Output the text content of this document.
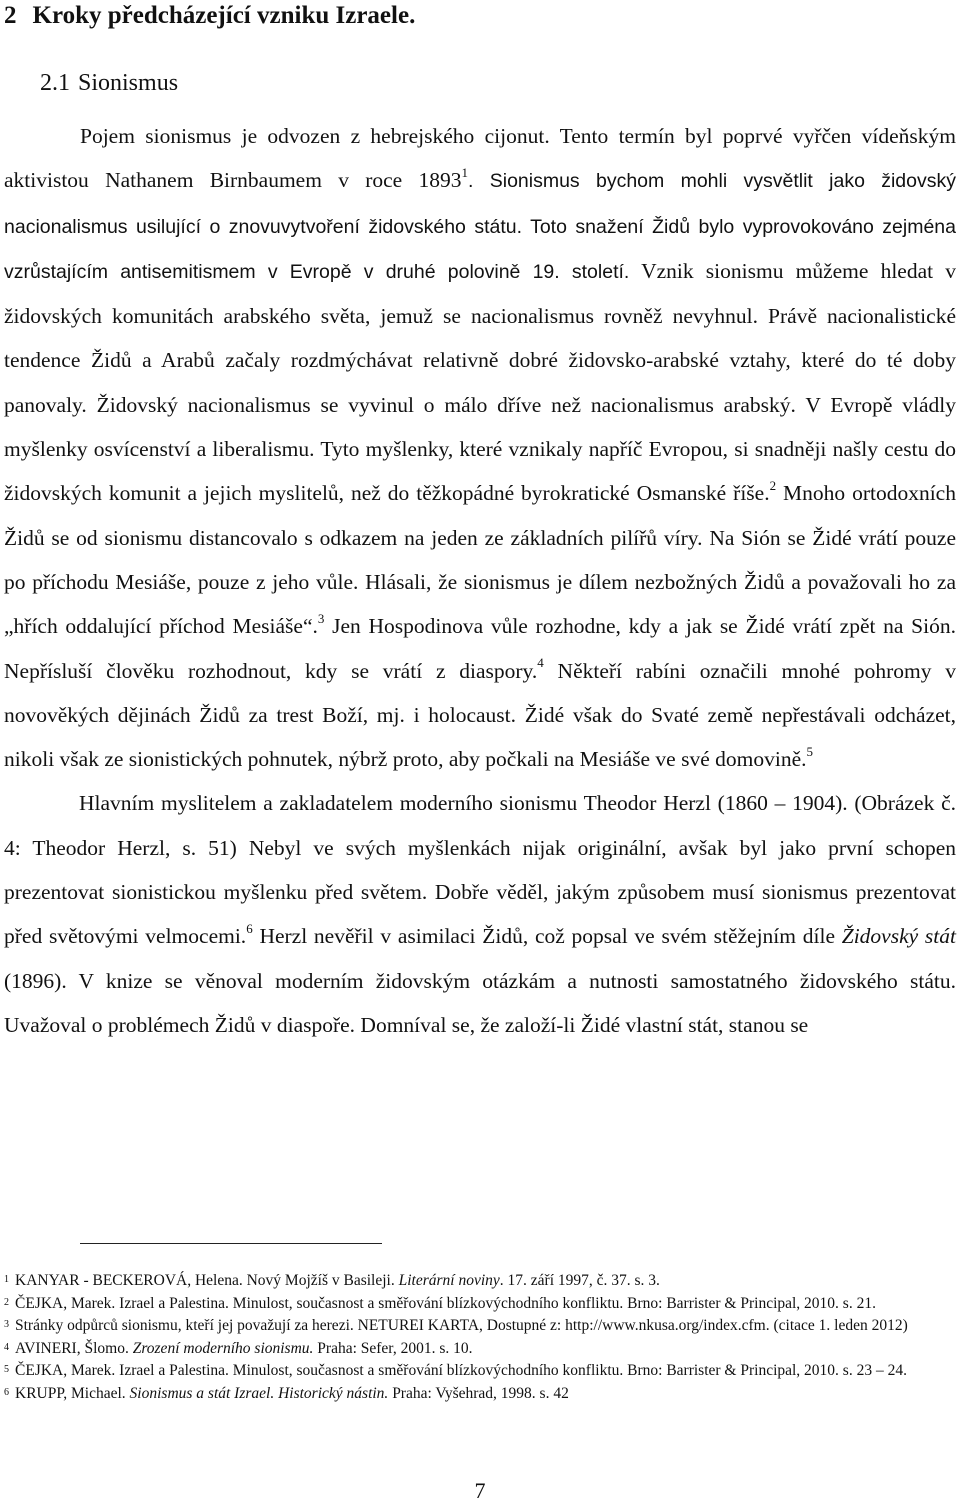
2 Kroky předcházející vzniku Izraele.
2.1 Sionismus

Pojem sionismus je odvozen z hebrejského cijonut. Tento termín byl poprvé vyřčen vídeňským aktivistou Nathanem Birnbaumem v roce 1893$^1$. Sionismus bychom mohli vysvětlit jako židovský nacionalismus usilující o znovuvytvoření židovského státu. Toto snažení Židů bylo vyprovokováno zejména vzrůstajícím antisemitismem v Evropě v druhé polovině 19. století. Vznik sionismu můžeme hledat v židovských komunitách arabského světa, jemuž se nacionalismus rovněž nevyhnul. Právě nacionalistické tendence Židů a Arabů začaly rozdmýchávat relativně dobré židovsko-arabské vztahy, které do té doby panovaly. Židovský nacionalismus se vyvinul o málo dříve než nacionalismus arabský. V Evropě vládly myšlenky osvícenství a liberalismu. Tyto myšlenky, které vznikaly napříč Evropou, si snadněji našly cestu do židovských komunit a jejich myslitelů, než do těžkopádné byrokratické Osmanské říše.$^2$ Mnoho ortodoxních Židů se od sionismu distancovalo s odkazem na jeden ze základních pilířů víry. Na Sión se Židé vrátí pouze po příchodu Mesiáše, pouze z jeho vůle. Hlásali, že sionismus je dílem nezbožných Židů a považovali ho za „hřích oddalující příchod Mesiáše“.$^3$ Jen Hospodinova vůle rozhodne, kdy a jak se Židé vrátí zpět na Sión. Nepřísluší člověku rozhodnout, kdy se vrátí z diaspory.$^4$ Někteří rabíni označili mnohé pohromy v novověkých dějinách Židů za trest Boží, mj. i holocaust. Židé však do Svaté země nepřestávali odcházet, nikoli však ze sionistických pohnutek, nýbrž proto, aby počkali na Mesiáše ve své domovině.$^5$

Hlavním myslitelem a zakladatelem moderního sionismu Theodor Herzl (1860 – 1904). (Obrázek č. 4: Theodor Herzl, s. 51) Nebyl ve svých myšlenkách nijak originální, avšak byl jako první schopen prezentovat sionistickou myšlenku před světem. Dobře věděl, jakým způsobem musí sionismus prezentovat před světovými velmocemi.$^6$ Herzl nevěřil v asimilaci Židů, což popsal ve svém stěžejním díle Židovský stát (1896). V knize se věnoval moderním židovským otázkám a nutnosti samostatného židovského státu. Uvažoval o problémech Židů v diaspoře. Domníval se, že založí-li Židé vlastní stát, stanou se

1 KANYAR - BECKEROVÁ, Helena. Nový Mojžíš v Basileji. Literární noviny. 17. září 1997, č. 37. s. 3.

2 ČEJKA, Marek. Izrael a Palestina. Minulost, současnost a směřování blízkovýchodního konfliktu. Brno: Barrister & Principal, 2010. s. 21.

3 Stránky odpůrců sionismu, kteří jej považují za herezi. NETUREI KARTA, Dostupné z: http://www.nkusa.org/index.cfm. (citace 1. leden 2012)

4 AVINERI, Šlomo. Zrození moderního sionismu. Praha: Sefer, 2001. s. 10.

5 ČEJKA, Marek. Izrael a Palestina. Minulost, současnost a směřování blízkovýchodního konfliktu. Brno: Barrister & Principal, 2010. s. 23 – 24.

6 KRUPP, Michael. Sionismus a stát Izrael. Historický nástin. Praha: Vyšehrad, 1998. s. 42

7
